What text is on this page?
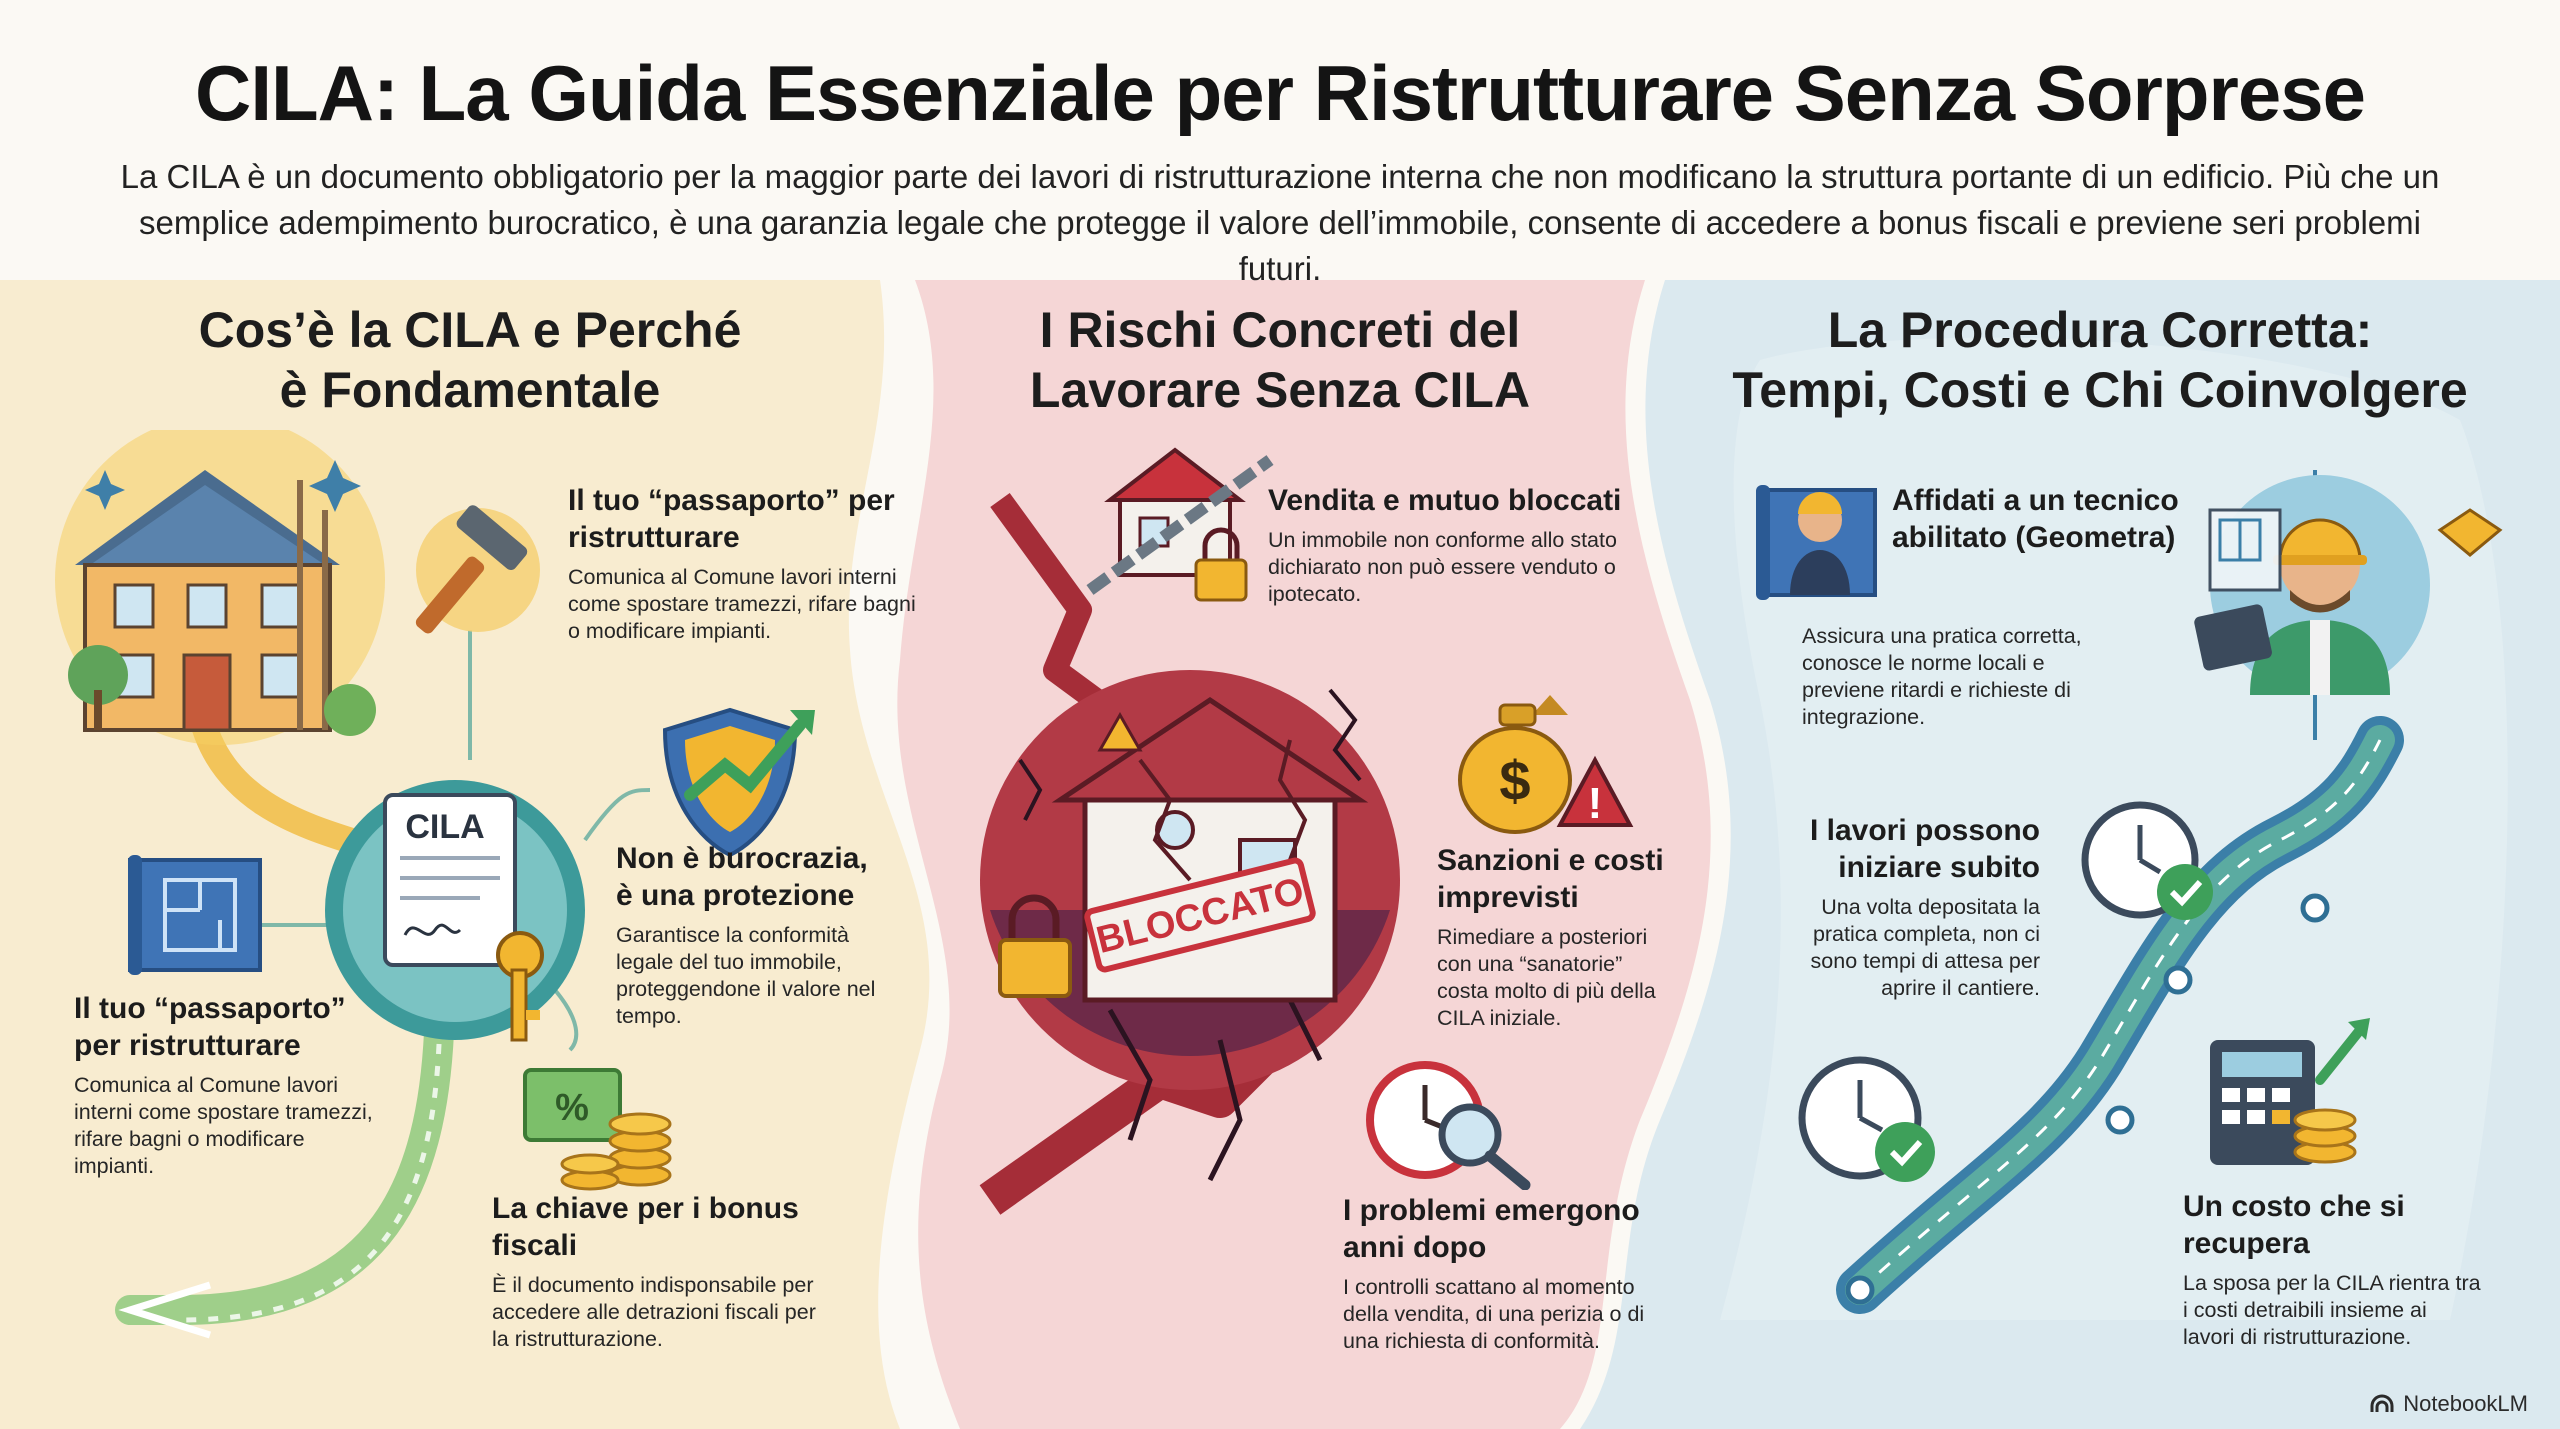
CILA: La Guida Essenziale per Ristrutturare Senza Sorprese
La CILA è un documento obbligatorio per la maggior parte dei lavori di ristrutturazione interna che non modificano la struttura portante di un edificio. Più che un
semplice adempimento burocratico, è una garanzia legale che protegge il valore dell’immobile, consente di accedere a bonus fiscali e previene seri problemi futuri.
Cos’è la CILA e Perché
è Fondamentale
CILA
%

Il tuo “passaporto” per ristrutturare

Comunica al Comune lavori interni come spostare tramezzi, rifare bagni o modificare impianti.

Non è burocrazia, è una protezione

Garantisce la conformità legale del tuo immobile, proteggendone il valore nel tempo.

Il tuo “passaporto” per ristrutturare

Comunica al Comune lavori interni come spostare tramezzi, rifare bagni o modificare impianti.

La chiave per i bonus fiscali

È il documento indisponsabile per accedere alle detrazioni fiscali per la ristrutturazione.

I Rischi Concreti del
Lavorare Senza CILA
BLOCCATO
$ !

Vendita e mutuo bloccati

Un immobile non conforme allo stato dichiarato non può essere venduto o ipotecato.

Sanzioni e costi imprevisti

Rimediare a posteriori con una “sanatorie” costa molto di più della CILA iniziale.

I problemi emergono anni dopo

I controlli scattano al momento della vendita, di una perizia o di una richiesta di conformità.

La Procedura Corretta:
Tempi, Costi e Chi Coinvolgere

Affidati a un tecnico abilitato (Geometra)

Assicura una pratica corretta, conosce le norme locali e previene ritardi e richieste di integrazione.

I lavori possono iniziare subito

Una volta depositata la pratica completa, non ci sono tempi di attesa per aprire il cantiere.

Un costo che si recupera

La sposa per la CILA rientra tra i costi detraibili insieme ai lavori di ristrutturazione.

NotebookLM
